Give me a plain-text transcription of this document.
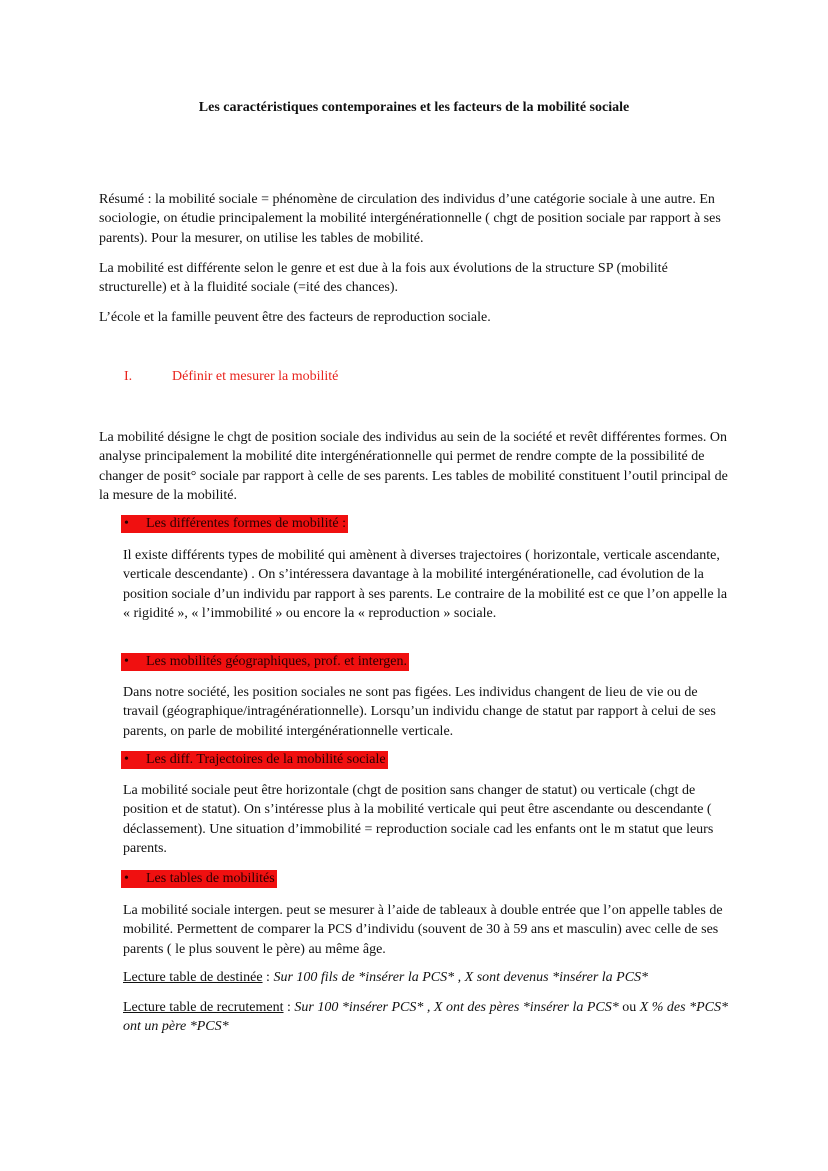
Les caractéristiques contemporaines et les facteurs de la mobilité sociale

Résumé : la mobilité sociale = phénomène de circulation des individus d’une catégorie sociale à une autre. En sociologie, on étudie principalement la mobilité intergénérationnelle ( chgt de position sociale par rapport à ses parents). Pour la mesurer, on utilise les tables de mobilité.

La mobilité est différente selon le genre et est due à la fois aux évolutions de la structure SP (mobilité structurelle) et à la fluidité sociale (=ité des chances).

L’école et la famille peuvent être des facteurs de reproduction sociale.

I.	Définir et mesurer la mobilité

La mobilité désigne le chgt de position sociale des individus au sein de la société et revêt différentes formes. On analyse principalement la mobilité dite intergénérationnelle qui permet de rendre compte de la possibilité de changer de posit° sociale par rapport à celle de ses parents. Les tables de mobilité constituent l’outil principal de la mesure de la mobilité.

• Les différentes formes de mobilité :

Il existe différents types de mobilité qui amènent à diverses trajectoires ( horizontale, verticale ascendante, verticale descendante) . On s’intéressera davantage à la mobilité intergénérationelle, cad évolution de la position sociale d’un individu par rapport à ses parents. Le contraire de la mobilité est ce que l’on appelle la « rigidité », « l’immobilité » ou encore la « reproduction » sociale.

• Les mobilités géographiques, prof. et intergen.

Dans notre société, les position sociales ne sont pas figées. Les individus changent de lieu de vie ou de travail (géographique/intragénérationnelle). Lorsqu’un individu change de statut par rapport à celui de ses parents, on parle de mobilité intergénérationnelle verticale.

• Les diff. Trajectoires de la mobilité sociale

La mobilité sociale peut être horizontale (chgt de position sans changer de statut) ou verticale (chgt de position et de statut). On s’intéresse plus à la mobilité verticale qui peut être ascendante ou descendante ( déclassement). Une situation d’immobilité = reproduction sociale cad les enfants ont le m statut que leurs parents.

• Les tables de mobilités

La mobilité sociale intergen. peut se mesurer à l’aide de tableaux à double entrée que l’on appelle tables de mobilité. Permettent de comparer la PCS d’individu (souvent de 30 à 59 ans et masculin) avec celle de ses parents ( le plus souvent le père) au même âge.

Lecture table de destinée : Sur 100 fils de *insérer la PCS* , X sont devenus *insérer la PCS*

Lecture table de recrutement : Sur 100 *insérer PCS* , X ont des pères *insérer la PCS* ou X % des *PCS* ont un père *PCS*
